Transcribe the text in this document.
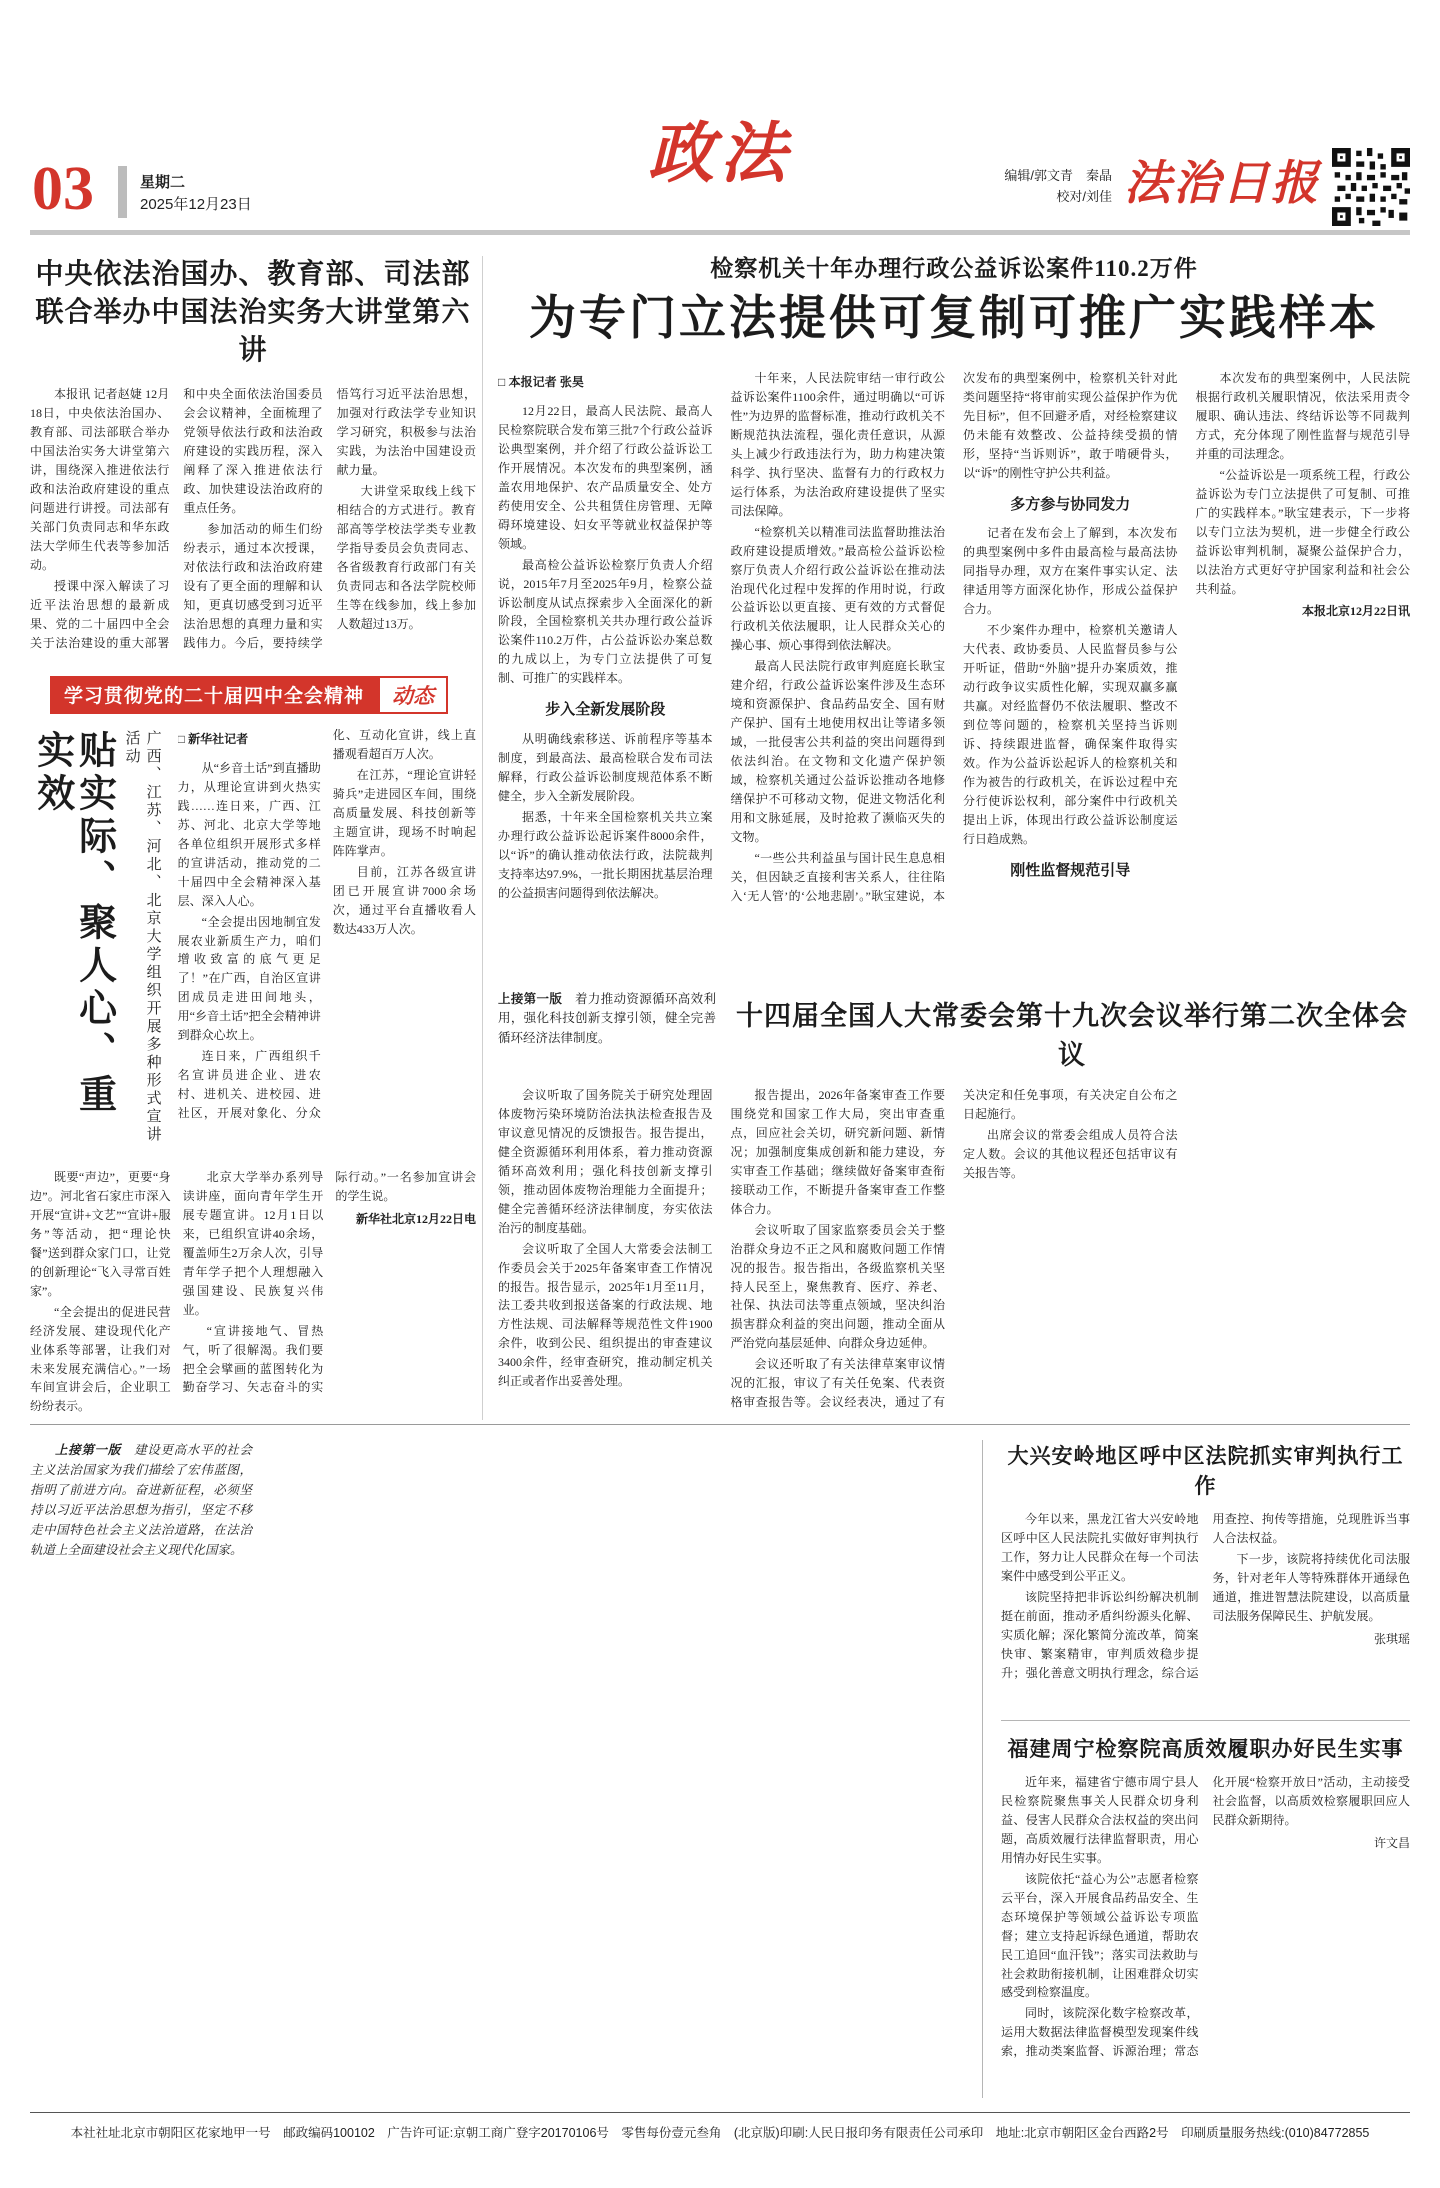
03	星期二
2025年12月23日
政法	编辑/郭文青　秦晶
校对/刘佳 法治日报
中央依法治国办、教育部、司法部
联合举办中国法治实务大讲堂第六讲

本报讯 记者赵婕 12月18日，中央依法治国办、教育部、司法部联合举办中国法治实务大讲堂第六讲，围绕深入推进依法行政和法治政府建设的重点问题进行讲授。司法部有关部门负责同志和华东政法大学师生代表等参加活动。

授课中深入解读了习近平法治思想的最新成果、党的二十届四中全会关于法治建设的重大部署和中央全面依法治国委员会会议精神，全面梳理了党领导依法行政和法治政府建设的实践历程，深入阐释了深入推进依法行政、加快建设法治政府的重点任务。

参加活动的师生们纷纷表示，通过本次授课，对依法行政和法治政府建设有了更全面的理解和认知，更真切感受到习近平法治思想的真理力量和实践伟力。今后，要持续学悟笃行习近平法治思想，加强对行政法学专业知识学习研究，积极参与法治实践，为法治中国建设贡献力量。

大讲堂采取线上线下相结合的方式进行。教育部高等学校法学类专业教学指导委员会负责同志、各省级教育行政部门有关负责同志和各法学院校师生等在线参加，线上参加人数超过13万。

学习贯彻党的二十届四中全会精神	动态
广西、江苏、河北、北京大学组织开展多种形式宣讲活动
贴实际、聚人心、重实效	□ 新华社记者

从“乡音土话”到直播助力，从理论宣讲到火热实践……连日来，广西、江苏、河北、北京大学等地各单位组织开展形式多样的宣讲活动，推动党的二十届四中全会精神深入基层、深入人心。

“全会提出因地制宜发展农业新质生产力，咱们增收致富的底气更足了！”在广西，自治区宣讲团成员走进田间地头，用“乡音土话”把全会精神讲到群众心坎上。

连日来，广西组织千名宣讲员进企业、进农村、进机关、进校园、进社区，开展对象化、分众化、互动化宣讲，线上直播观看超百万人次。

在江苏，“理论宣讲轻骑兵”走进园区车间，围绕高质量发展、科技创新等主题宣讲，现场不时响起阵阵掌声。

目前，江苏各级宣讲团已开展宣讲7000余场次，通过平台直播收看人数达433万人次。

既要“声边”，更要“身边”。河北省石家庄市深入开展“宣讲+文艺”“宣讲+服务”等活动，把“理论快餐”送到群众家门口，让党的创新理论“飞入寻常百姓家”。

“全会提出的促进民营经济发展、建设现代化产业体系等部署，让我们对未来发展充满信心。”一场车间宣讲会后，企业职工纷纷表示。

北京大学举办系列导读讲座，面向青年学生开展专题宣讲。12月1日以来，已组织宣讲40余场，覆盖师生2万余人次，引导青年学子把个人理想融入强国建设、民族复兴伟业。

“宣讲接地气、冒热气，听了很解渴。我们要把全会擘画的蓝图转化为勤奋学习、矢志奋斗的实际行动。”一名参加宣讲会的学生说。

新华社北京12月22日电

检察机关十年办理行政公益诉讼案件110.2万件
为专门立法提供可复制可推广实践样本

□ 本报记者 张昊

12月22日，最高人民法院、最高人民检察院联合发布第三批7个行政公益诉讼典型案例，并介绍了行政公益诉讼工作开展情况。本次发布的典型案例，涵盖农用地保护、农产品质量安全、处方药使用安全、公共租赁住房管理、无障碍环境建设、妇女平等就业权益保护等领域。

最高检公益诉讼检察厅负责人介绍说，2015年7月至2025年9月，检察公益诉讼制度从试点探索步入全面深化的新阶段，全国检察机关共办理行政公益诉讼案件110.2万件，占公益诉讼办案总数的九成以上，为专门立法提供了可复制、可推广的实践样本。

步入全新发展阶段

从明确线索移送、诉前程序等基本制度，到最高法、最高检联合发布司法解释，行政公益诉讼制度规范体系不断健全，步入全新发展阶段。

据悉，十年来全国检察机关共立案办理行政公益诉讼起诉案件8000余件，以“诉”的确认推动依法行政，法院裁判支持率达97.9%，一批长期困扰基层治理的公益损害问题得到依法解决。

十年来，人民法院审结一审行政公益诉讼案件1100余件，通过明确以“可诉性”为边界的监督标准，推动行政机关不断规范执法流程，强化责任意识，从源头上减少行政违法行为，助力构建决策科学、执行坚决、监督有力的行政权力运行体系，为法治政府建设提供了坚实司法保障。

“检察机关以精准司法监督助推法治政府建设提质增效。”最高检公益诉讼检察厅负责人介绍行政公益诉讼在推动法治现代化过程中发挥的作用时说，行政公益诉讼以更直接、更有效的方式督促行政机关依法履职，让人民群众关心的操心事、烦心事得到依法解决。

最高人民法院行政审判庭庭长耿宝建介绍，行政公益诉讼案件涉及生态环境和资源保护、食品药品安全、国有财产保护、国有土地使用权出让等诸多领域，一批侵害公共利益的突出问题得到依法纠治。在文物和文化遗产保护领域，检察机关通过公益诉讼推动各地修缮保护不可移动文物，促进文物活化利用和文脉延展，及时抢救了濒临灭失的文物。

“一些公共利益虽与国计民生息息相关，但因缺乏直接利害关系人，往往陷入‘无人管’的‘公地悲剧’。”耿宝建说，本次发布的典型案例中，检察机关针对此类问题坚持“将审前实现公益保护作为优先目标”，但不回避矛盾，对经检察建议仍未能有效整改、公益持续受损的情形，坚持“当诉则诉”，敢于啃硬骨头，以“诉”的刚性守护公共利益。

多方参与协同发力

记者在发布会上了解到，本次发布的典型案例中多件由最高检与最高法协同指导办理，双方在案件事实认定、法律适用等方面深化协作，形成公益保护合力。

不少案件办理中，检察机关邀请人大代表、政协委员、人民监督员参与公开听证，借助“外脑”提升办案质效，推动行政争议实质性化解，实现双赢多赢共赢。对经监督仍不依法履职、整改不到位等问题的，检察机关坚持当诉则诉、持续跟进监督，确保案件取得实效。作为公益诉讼起诉人的检察机关和作为被告的行政机关，在诉讼过程中充分行使诉讼权利，部分案件中行政机关提出上诉，体现出行政公益诉讼制度运行日趋成熟。

刚性监督规范引导

本次发布的典型案例中，人民法院根据行政机关履职情况，依法采用责令履职、确认违法、终结诉讼等不同裁判方式，充分体现了刚性监督与规范引导并重的司法理念。

“公益诉讼是一项系统工程，行政公益诉讼为专门立法提供了可复制、可推广的实践样本。”耿宝建表示，下一步将以专门立法为契机，进一步健全行政公益诉讼审判机制，凝聚公益保护合力，以法治方式更好守护国家利益和社会公共利益。

本报北京12月22日讯

上接第一版　着力推动资源循环高效利用，强化科技创新支撑引领，健全完善循环经济法律制度。
十四届全国人大常委会第十九次会议举行第二次全体会议

会议听取了国务院关于研究处理固体废物污染环境防治法执法检查报告及审议意见情况的反馈报告。报告提出，健全资源循环利用体系，着力推动资源循环高效利用；强化科技创新支撑引领，推动固体废物治理能力全面提升；健全完善循环经济法律制度，夯实依法治污的制度基础。

会议听取了全国人大常委会法制工作委员会关于2025年备案审查工作情况的报告。报告显示，2025年1月至11月，法工委共收到报送备案的行政法规、地方性法规、司法解释等规范性文件1900余件，收到公民、组织提出的审查建议3400余件，经审查研究，推动制定机关纠正或者作出妥善处理。

报告提出，2026年备案审查工作要围绕党和国家工作大局，突出审查重点，回应社会关切，研究新问题、新情况；加强制度集成创新和能力建设，夯实审查工作基础；继续做好备案审查衔接联动工作，不断提升备案审查工作整体合力。

会议听取了国家监察委员会关于整治群众身边不正之风和腐败问题工作情况的报告。报告指出，各级监察机关坚持人民至上，聚焦教育、医疗、养老、社保、执法司法等重点领域，坚决纠治损害群众利益的突出问题，推动全面从严治党向基层延伸、向群众身边延伸。

会议还听取了有关法律草案审议情况的汇报，审议了有关任免案、代表资格审查报告等。会议经表决，通过了有关决定和任免事项，有关决定自公布之日起施行。

出席会议的常委会组成人员符合法定人数。会议的其他议程还包括审议有关报告等。

上接第一版　建设更高水平的社会主义法治国家为我们描绘了宏伟蓝图，指明了前进方向。奋进新征程，必须坚持以习近平法治思想为指引，坚定不移走中国特色社会主义法治道路，在法治轨道上全面建设社会主义现代化国家。

大兴安岭地区呼中区法院抓实审判执行工作

今年以来，黑龙江省大兴安岭地区呼中区人民法院扎实做好审判执行工作，努力让人民群众在每一个司法案件中感受到公平正义。

该院坚持把非诉讼纠纷解决机制挺在前面，推动矛盾纠纷源头化解、实质化解；深化繁简分流改革，简案快审、繁案精审，审判质效稳步提升；强化善意文明执行理念，综合运用查控、拘传等措施，兑现胜诉当事人合法权益。

下一步，该院将持续优化司法服务，针对老年人等特殊群体开通绿色通道，推进智慧法院建设，以高质量司法服务保障民生、护航发展。

张琪瑶

福建周宁检察院高质效履职办好民生实事

近年来，福建省宁德市周宁县人民检察院聚焦事关人民群众切身利益、侵害人民群众合法权益的突出问题，高质效履行法律监督职责，用心用情办好民生实事。

该院依托“益心为公”志愿者检察云平台，深入开展食品药品安全、生态环境保护等领域公益诉讼专项监督；建立支持起诉绿色通道，帮助农民工追回“血汗钱”；落实司法救助与社会救助衔接机制，让困难群众切实感受到检察温度。

同时，该院深化数字检察改革，运用大数据法律监督模型发现案件线索，推动类案监督、诉源治理；常态化开展“检察开放日”活动，主动接受社会监督，以高质效检察履职回应人民群众新期待。

许文昌

本社社址北京市朝阳区花家地甲一号　邮政编码100102　广告许可证:京朝工商广登字20170106号　零售每份壹元叁角　(北京版)印刷:人民日报印务有限责任公司承印　地址:北京市朝阳区金台西路2号　印刷质量服务热线:(010)84772855
